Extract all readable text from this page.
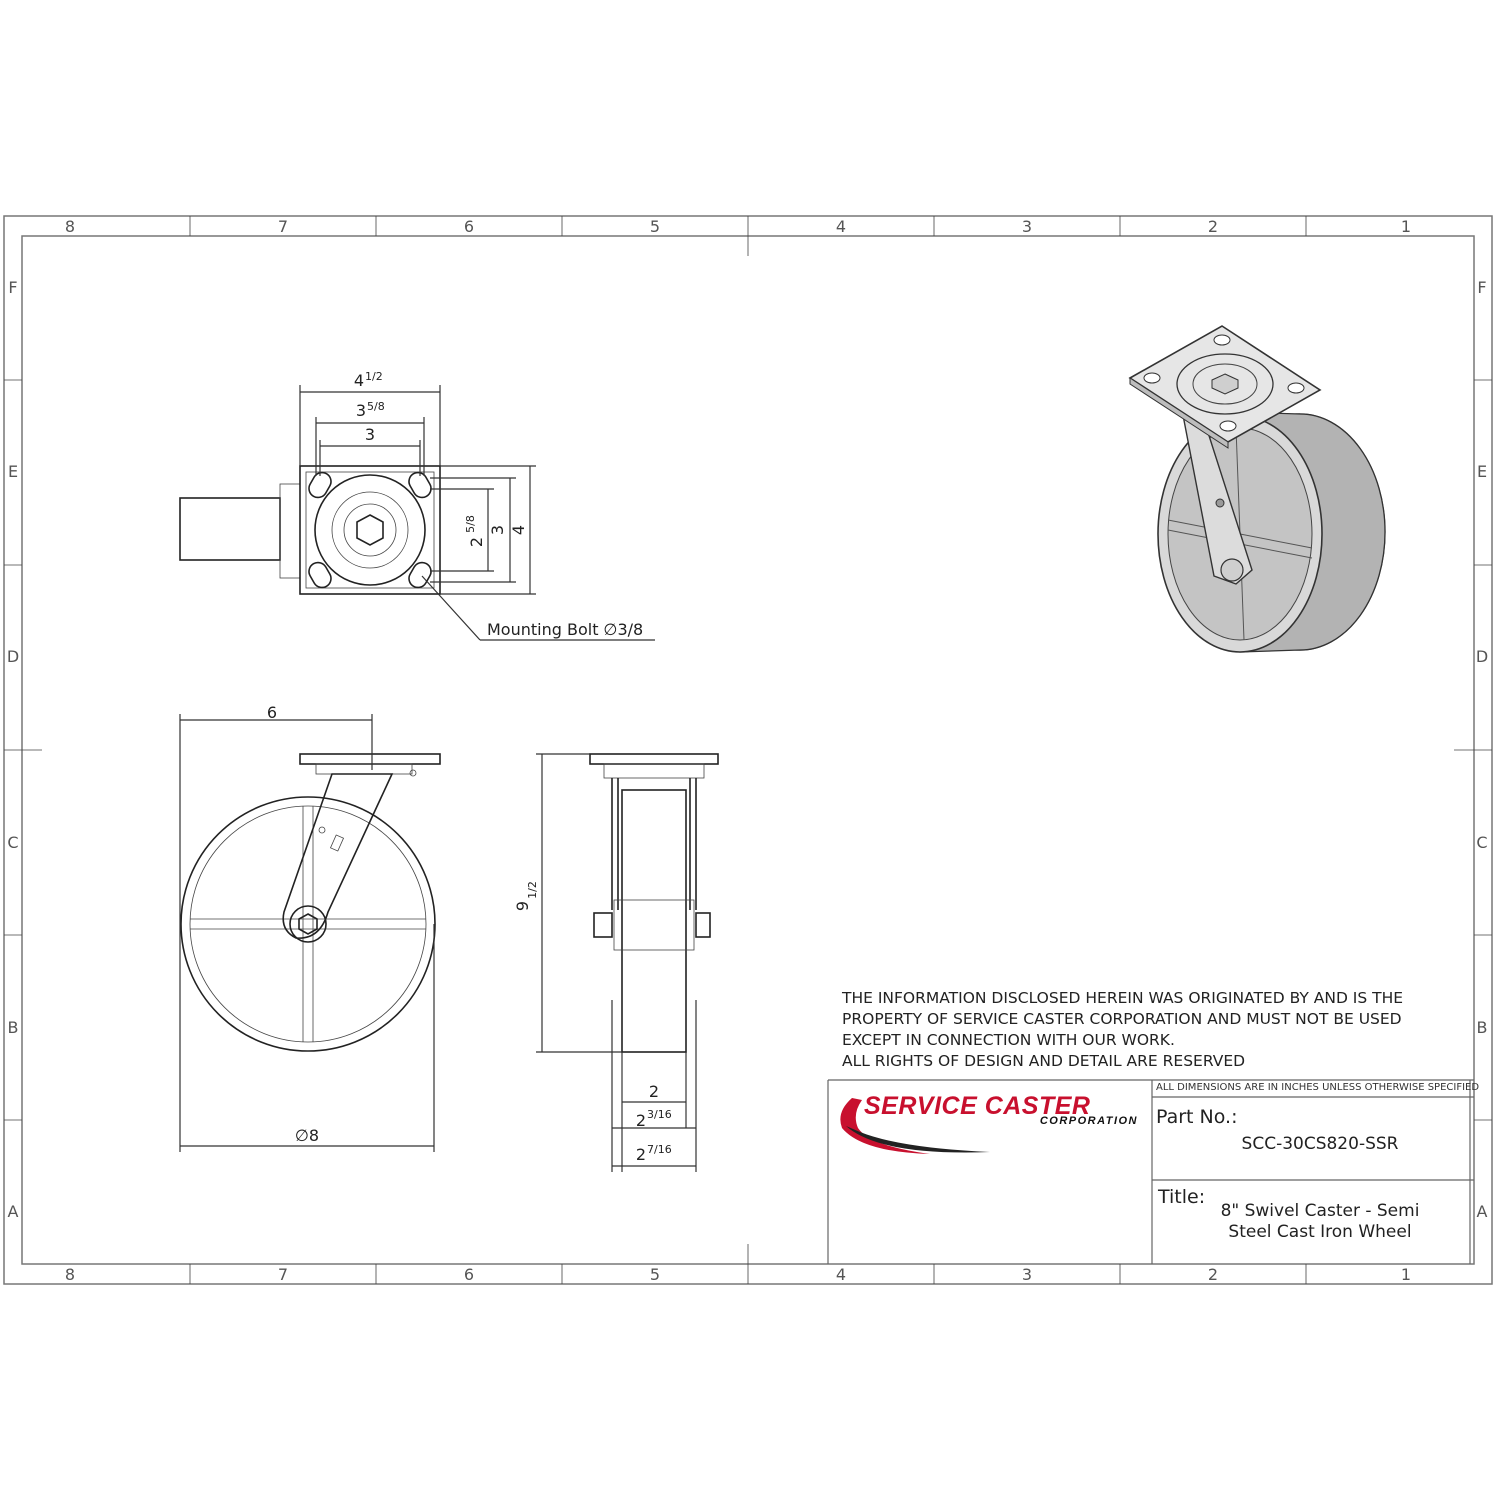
8	7	6	5	4	3	2	1
8	7	6	5	4	3	2	1
F
E
D
C
B
A
F
E
D
C
B
A
4 1/2
3 5/8
3
4
3
2
5/8
Mounting Bolt ∅3/8
6
∅8
9
1/2
2
2 3/16
2 7/16
SERVICE CASTER
CORPORATION
THE INFORMATION DISCLOSED HEREIN WAS ORIGINATED BY AND IS THE
PROPERTY OF SERVICE CASTER CORPORATION AND MUST NOT BE USED
EXCEPT IN CONNECTION WITH OUR WORK.
ALL RIGHTS OF DESIGN AND DETAIL ARE RESERVED
ALL DIMENSIONS ARE IN INCHES UNLESS OTHERWISE SPECIFIED
Part No.:
SCC-30CS820-SSR
Title:
8" Swivel Caster - Semi
Steel Cast Iron Wheel
